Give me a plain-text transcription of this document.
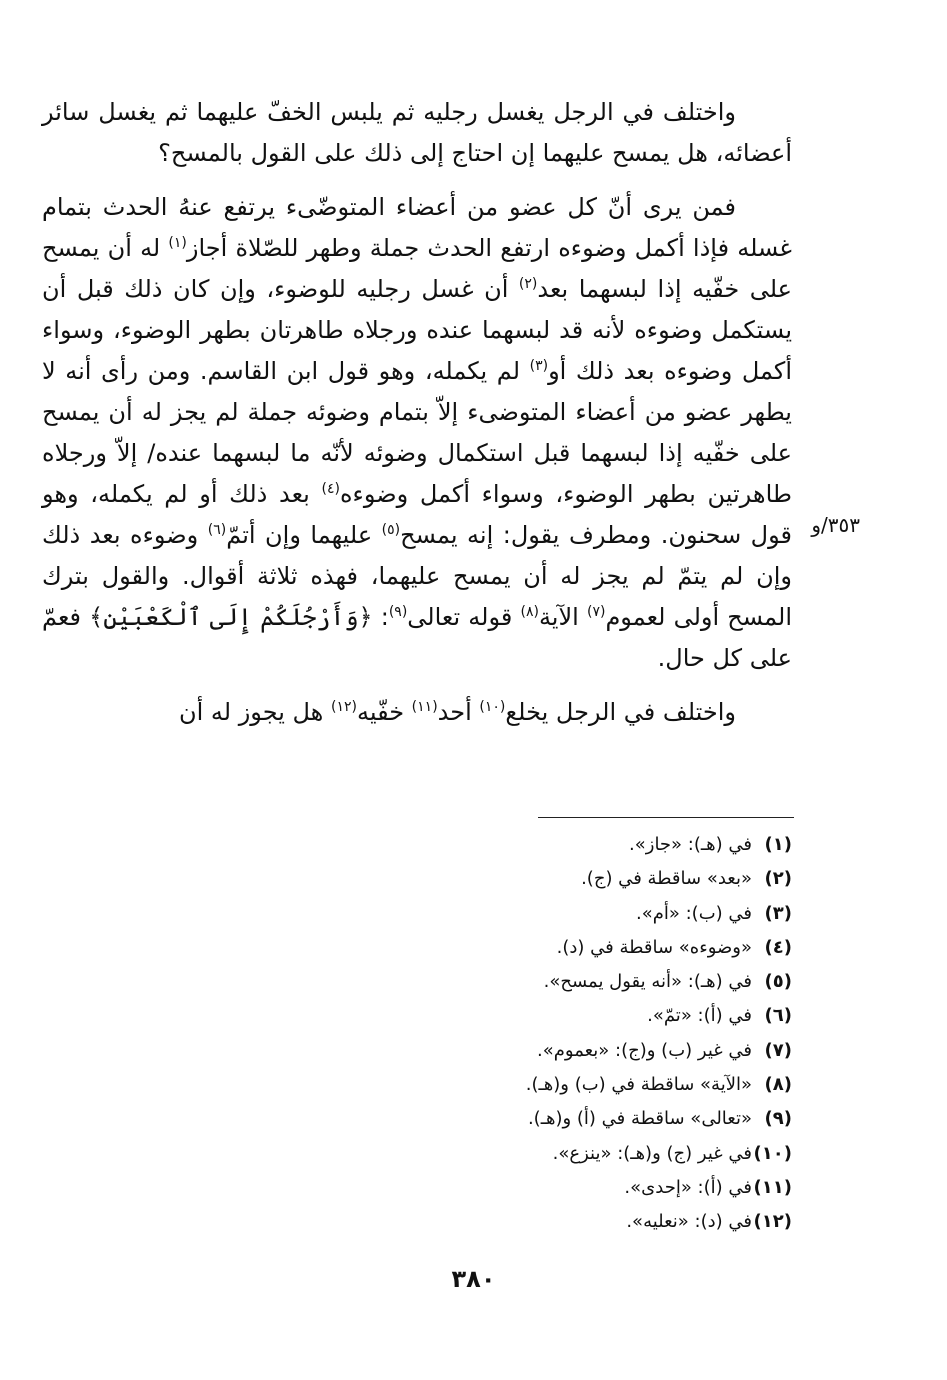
واختلف في الرجل يغسل رجليه ثم يلبس الخفّ عليهما ثم يغسل سائر أعضائه، هل يمسح عليهما إن احتاج إلى ذلك على القول بالمسح؟

فمن يرى أنّ كل عضو من أعضاء المتوضّىء يرتفع عنهُ الحدث بتمام غسله فإذا أكمل وضوءه ارتفع الحدث جملة وطهر للصّلاة أجاز$^{(١)}$ له أن يمسح على خفّيه إذا لبسهما بعد$^{(٢)}$ أن غسل رجليه للوضوء، وإن كان ذلك قبل أن يستكمل وضوءه لأنه قد لبسهما عنده ورجلاه طاهرتان بطهر الوضوء، وسواء أكمل وضوءه بعد ذلك أو$^{(٣)}$ لم يكمله، وهو قول ابن القاسم. ومن رأى أنه لا يطهر عضو من أعضاء المتوضىء إلاّ بتمام وضوئه جملة لم يجز له أن يمسح على خفّيه إذا لبسهما قبل استكمال وضوئه لأنّه ما لبسهما عنده/ إلاّ ورجلاه طاهرتين بطهر الوضوء، وسواء أكمل وضوءه$^{(٤)}$ بعد ذلك أو لم يكمله، وهو قول سحنون. ومطرف يقول: إنه يمسح$^{(٥)}$ عليهما وإن أتمّ$^{(٦)}$ وضوءه بعد ذلك وإن لم يتمّ لم يجز له أن يمسح عليهما، فهذه ثلاثة أقوال. والقول بترك المسح أولى لعموم$^{(٧)}$ الآية$^{(٨)}$ قوله تعالى$^{(٩)}$: ﴿وَأَرْجُلَكُمْ إِلَى ٱلْكَعْبَيْنِ﴾ فعمّ على كل حال.

واختلف في الرجل يخلع$^{(١٠)}$ أحد$^{(١١)}$ خفّيه$^{(١٢)}$ هل يجوز له أن

٣٥٣/و
(١)
في (هـ): «جاز».
(٢)
«بعد» ساقطة في (ج).
(٣)
في (ب): «أم».
(٤)
«وضوءه» ساقطة في (د).
(٥)
في (هـ): «أنه يقول يمسح».
(٦)
في (أ): «تمّ».
(٧)
في غير (ب) و(ج): «بعموم».
(٨)
«الآية» ساقطة في (ب) و(هـ).
(٩)
«تعالى» ساقطة في (أ) و(هـ).
(١٠)
في غير (ج) و(هـ): «ينزع».
(١١)
في (أ): «إحدى».
(١٢)
في (د): «نعليه».
٣٨٠
